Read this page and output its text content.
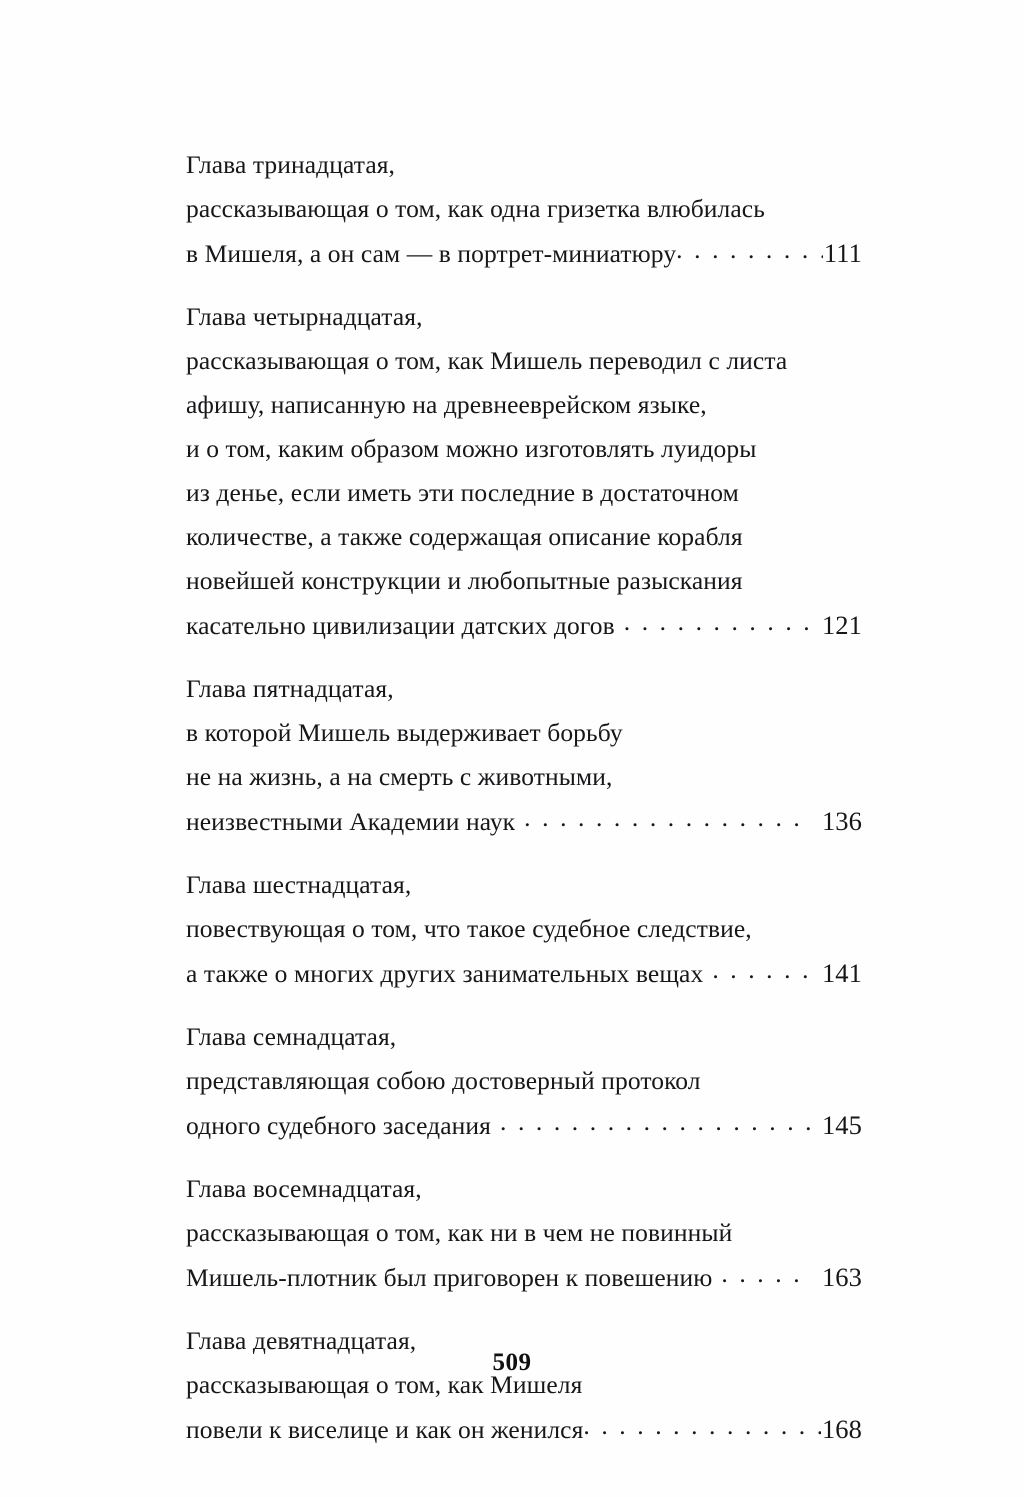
Глава тринадцатая,
рассказывающая о том, как одна гризетка влюбилась
в Мишеля, а он сам — в портрет-миниатюру . . .	111
Глава четырнадцатая,
рассказывающая о том, как Мишель переводил с листа
афишу, написанную на древнееврейском языке,
и о том, каким образом можно изготовлять луидоры
из денье, если иметь эти последние в достаточном
количестве, а также содержащая описание корабля
новейшей конструкции и любопытные разыскания
касательно цивилизации датских догов . . .	121
Глава пятнадцатая,
в которой Мишель выдерживает борьбу
не на жизнь, а на смерть с животными,
неизвестными Академии наук . . .	136
Глава шестнадцатая,
повествующая о том, что такое судебное следствие,
а также о многих других занимательных вещах . . .	141
Глава семнадцатая,
представляющая собою достоверный протокол
одного судебного заседания . . .	145
Глава восемнадцатая,
рассказывающая о том, как ни в чем не повинный
Мишель-плотник был приговорен к повешению . . .	163
Глава девятнадцатая,
рассказывающая о том, как Мишеля
повели к виселице и как он женился . . .	168
509
